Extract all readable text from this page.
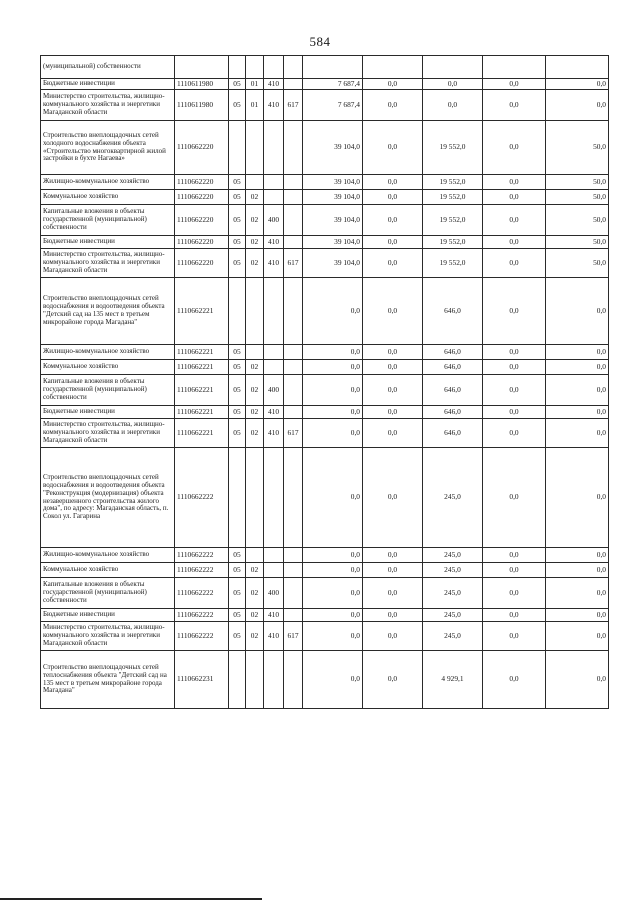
584
(муниципальной) собственности										
Бюджетные инвестиции	1110611980	05	01	410		7 687,4	0,0	0,0	0,0	0,0
Министерство строительства, жилищно-коммунального хозяйства и энергетики Магаданской области	1110611980	05	01	410	617	7 687,4	0,0	0,0	0,0	0,0
Строительство внеплощадочных сетей холодного водоснабжения объекта «Строительство многоквартирной жилой застройки в бухте Нагаева»	1110662220					39 104,0	0,0	19 552,0	0,0	50,0
Жилищно-коммунальное хозяйство	1110662220	05				39 104,0	0,0	19 552,0	0,0	50,0
Коммунальное хозяйство	1110662220	05	02			39 104,0	0,0	19 552,0	0,0	50,0
Капитальные вложения в объекты государственной (муниципальной) собственности	1110662220	05	02	400		39 104,0	0,0	19 552,0	0,0	50,0
Бюджетные инвестиции	1110662220	05	02	410		39 104,0	0,0	19 552,0	0,0	50,0
Министерство строительства, жилищно-коммунального хозяйства и энергетики Магаданской области	1110662220	05	02	410	617	39 104,0	0,0	19 552,0	0,0	50,0
Строительство внеплощадочных сетей водоснабжения и водоотведения объекта "Детский сад на 135 мест в третьем микрорайоне города Магадана"	1110662221					0,0	0,0	646,0	0,0	0,0
Жилищно-коммунальное хозяйство	1110662221	05				0,0	0,0	646,0	0,0	0,0
Коммунальное хозяйство	1110662221	05	02			0,0	0,0	646,0	0,0	0,0
Капитальные вложения в объекты государственной (муниципальной) собственности	1110662221	05	02	400		0,0	0,0	646,0	0,0	0,0
Бюджетные инвестиции	1110662221	05	02	410		0,0	0,0	646,0	0,0	0,0
Министерство строительства, жилищно-коммунального хозяйства и энергетики Магаданской области	1110662221	05	02	410	617	0,0	0,0	646,0	0,0	0,0
Строительство внеплощадочных сетей водоснабжения и водоотведения объекта "Реконструкция (модернизация) объекта незавершенного строительства жилого дома", по адресу: Магаданская область, п. Сокол ул. Гагарина	1110662222					0,0	0,0	245,0	0,0	0,0
Жилищно-коммунальное хозяйство	1110662222	05				0,0	0,0	245,0	0,0	0,0
Коммунальное хозяйство	1110662222	05	02			0,0	0,0	245,0	0,0	0,0
Капитальные вложения в объекты государственной (муниципальной) собственности	1110662222	05	02	400		0,0	0,0	245,0	0,0	0,0
Бюджетные инвестиции	1110662222	05	02	410		0,0	0,0	245,0	0,0	0,0
Министерство строительства, жилищно-коммунального хозяйства и энергетики Магаданской области	1110662222	05	02	410	617	0,0	0,0	245,0	0,0	0,0
Строительство внеплощадочных сетей теплоснабжения объекта "Детский сад на 135 мест в третьем микрорайоне города Магадана"	1110662231					0,0	0,0	4 929,1	0,0	0,0
